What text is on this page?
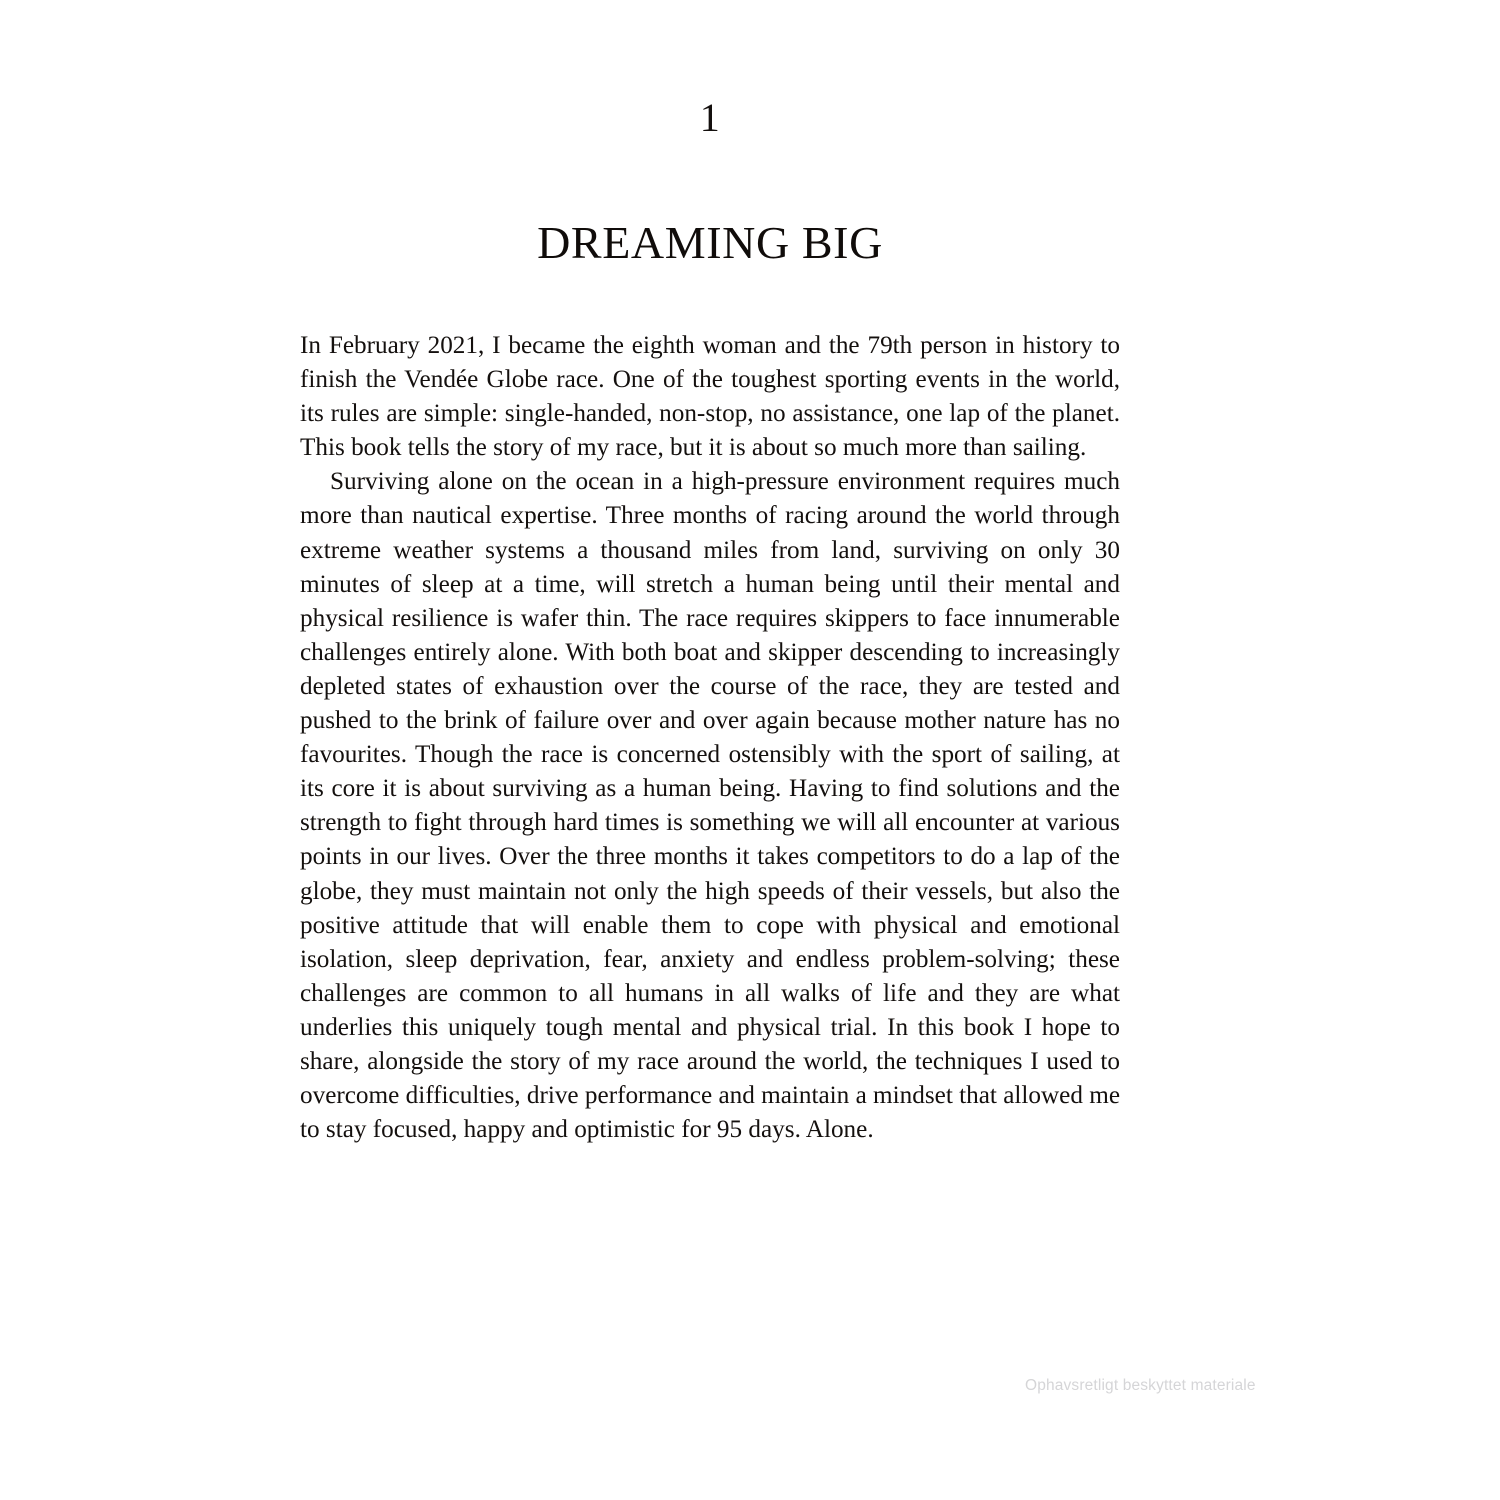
1
DREAMING BIG

In February 2021, I became the eighth woman and the 79th person in history to finish the Vendée Globe race. One of the toughest sporting events in the world, its rules are simple: single-handed, non-stop, no assistance, one lap of the planet. This book tells the story of my race, but it is about so much more than sailing.

Surviving alone on the ocean in a high-pressure environment requires much more than nautical expertise. Three months of racing around the world through extreme weather systems a thousand miles from land, surviving on only 30 minutes of sleep at a time, will stretch a human being until their mental and physical resilience is wafer thin. The race requires skippers to face innumerable challenges entirely alone. With both boat and skipper descending to increasingly depleted states of exhaustion over the course of the race, they are tested and pushed to the brink of failure over and over again because mother nature has no favourites. Though the race is concerned ostensibly with the sport of sailing, at its core it is about surviving as a human being. Having to find solutions and the strength to fight through hard times is something we will all encounter at various points in our lives. Over the three months it takes competitors to do a lap of the globe, they must maintain not only the high speeds of their vessels, but also the positive attitude that will enable them to cope with physical and emotional isolation, sleep deprivation, fear, anxiety and endless problem-solving; these challenges are common to all humans in all walks of life and they are what underlies this uniquely tough mental and physical trial. In this book I hope to share, alongside the story of my race around the world, the techniques I used to overcome difficulties, drive performance and maintain a mindset that allowed me to stay focused, happy and optimistic for 95 days. Alone.

Ophavsretligt beskyttet materiale
